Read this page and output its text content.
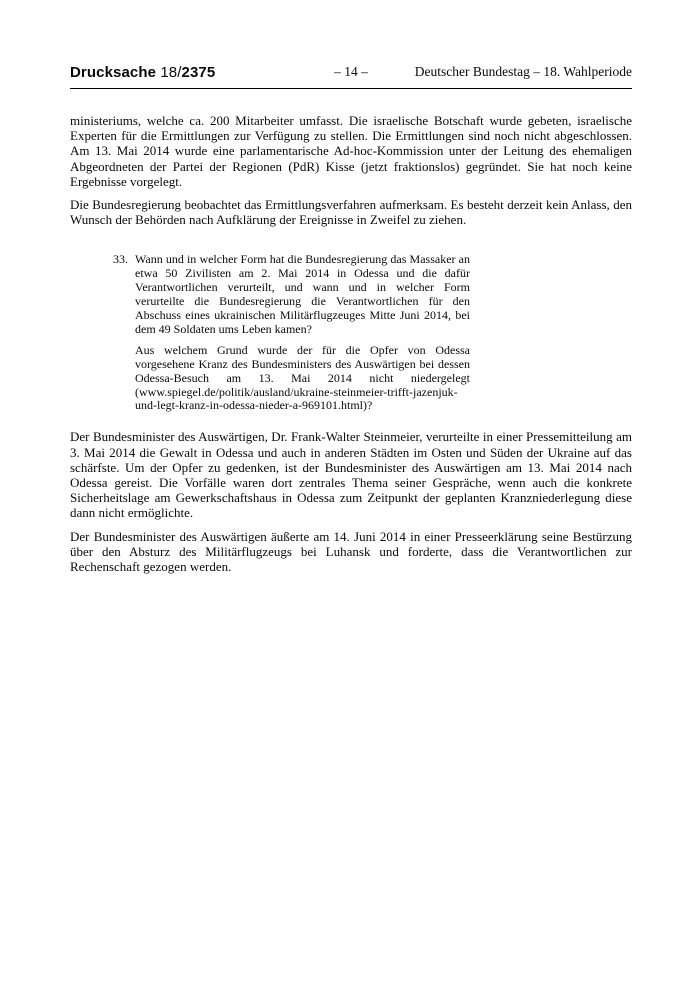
Drucksache 18/2375	– 14 –	Deutscher Bundestag – 18. Wahlperiode

ministeriums, welche ca. 200 Mitarbeiter umfasst. Die israelische Botschaft wurde gebeten, israelische Experten für die Ermittlungen zur Verfügung zu stellen. Die Ermittlungen sind noch nicht abgeschlossen. Am 13. Mai 2014 wurde eine parlamentarische Ad-hoc-Kommission unter der Leitung des ehemaligen Abgeordneten der Partei der Regionen (PdR) Kisse (jetzt fraktionslos) gegründet. Sie hat noch keine Ergebnisse vorgelegt.

Die Bundesregierung beobachtet das Ermittlungsverfahren aufmerksam. Es besteht derzeit kein Anlass, den Wunsch der Behörden nach Aufklärung der Ereignisse in Zweifel zu ziehen.

33. Wann und in welcher Form hat die Bundesregierung das Massaker an etwa 50 Zivilisten am 2. Mai 2014 in Odessa und die dafür Verantwortlichen verurteilt, und wann und in welcher Form verurteilte die Bundesregierung die Verantwortlichen für den Abschuss eines ukrainischen Militärflugzeuges Mitte Juni 2014, bei dem 49 Soldaten ums Leben kamen?

Aus welchem Grund wurde der für die Opfer von Odessa vorgesehene Kranz des Bundesministers des Auswärtigen bei dessen Odessa-Besuch am 13. Mai 2014 nicht niedergelegt (www.spiegel.de/politik/ausland/ukraine-steinmeier-trifft-jazenjuk-und-legt-kranz-in-odessa-nieder-a-969101.html)?

Der Bundesminister des Auswärtigen, Dr. Frank-Walter Steinmeier, verurteilte in einer Pressemitteilung am 3. Mai 2014 die Gewalt in Odessa und auch in anderen Städten im Osten und Süden der Ukraine auf das schärfste. Um der Opfer zu gedenken, ist der Bundesminister des Auswärtigen am 13. Mai 2014 nach Odessa gereist. Die Vorfälle waren dort zentrales Thema seiner Gespräche, wenn auch die konkrete Sicherheitslage am Gewerkschaftshaus in Odessa zum Zeitpunkt der geplanten Kranzniederlegung diese dann nicht ermöglichte.

Der Bundesminister des Auswärtigen äußerte am 14. Juni 2014 in einer Presseerklärung seine Bestürzung über den Absturz des Militärflugzeugs bei Luhansk und forderte, dass die Verantwortlichen zur Rechenschaft gezogen werden.
